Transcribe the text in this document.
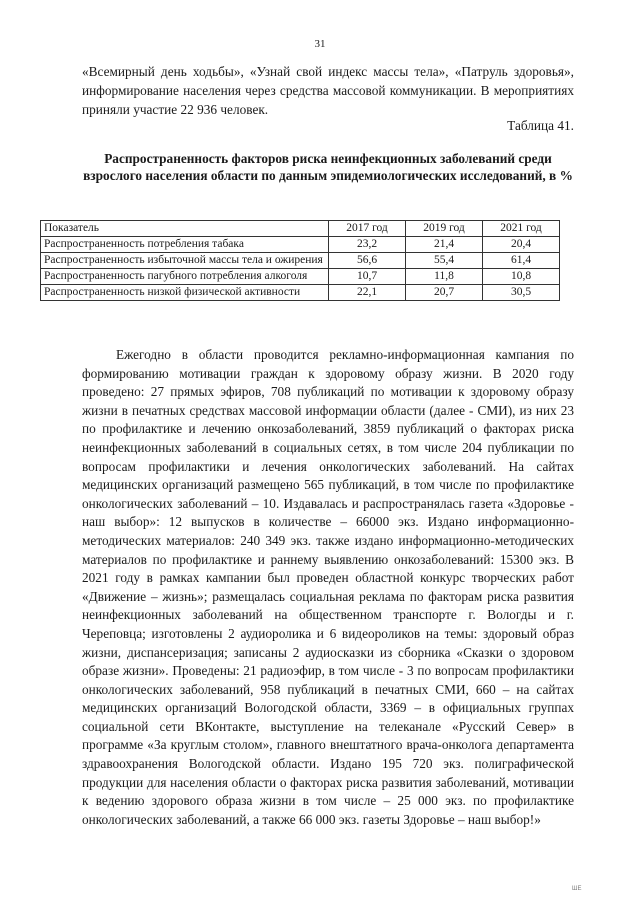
31

«Всемирный день ходьбы», «Узнай свой индекс массы тела», «Патруль здоровья», информирование населения через средства массовой коммуникации. В мероприятиях приняли участие 22 936 человек.

Таблица 41.

Распространенность факторов риска неинфекционных заболеваний среди взрослого населения области по данным эпидемиологических исследований, в %

Показатель	2017 год	2019 год	2021 год
Распространенность потребления табака	23,2	21,4	20,4
Распространенность избыточной массы тела и ожирения	56,6	55,4	61,4
Распространенность пагубного потребления алкоголя	10,7	11,8	10,8
Распространенность низкой физической активности	22,1	20,7	30,5

Ежегодно в области проводится рекламно-информационная кампания по формированию мотивации граждан к здоровому образу жизни. В 2020 году проведено: 27 прямых эфиров, 708 публикаций по мотивации к здоровому образу жизни в печатных средствах массовой информации области (далее - СМИ), из них 23 по профилактике и лечению онкозаболеваний, 3859 публикаций о факторах риска неинфекционных заболеваний в социальных сетях, в том числе 204 публикации по вопросам профилактики и лечения онкологических заболеваний. На сайтах медицинских организаций размещено 565 публикаций, в том числе по профилактике онкологических заболеваний – 10. Издавалась и распространялась газета «Здоровье - наш выбор»: 12 выпусков в количестве – 66000 экз. Издано информационно-методических материалов: 240 349 экз. также издано информационно-методических материалов по профилактике и раннему выявлению онкозаболеваний: 15300 экз. В 2021 году в рамках кампании был проведен областной конкурс творческих работ «Движение – жизнь»; размещалась социальная реклама по факторам риска развития неинфекционных заболеваний на общественном транспорте г. Вологды и г. Череповца; изготовлены 2 аудиоролика и 6 видеороликов на темы: здоровый образ жизни, диспансеризация; записаны 2 аудиосказки из сборника «Сказки о здоровом образе жизни». Проведены: 21 радиоэфир, в том числе - 3 по вопросам профилактики онкологических заболеваний, 958 публикаций в печатных СМИ, 660 – на сайтах медицинских организаций Вологодской области, 3369 – в официальных группах социальной сети ВКонтакте, выступление на телеканале «Русский Север» в программе «За круглым столом», главного внештатного врача-онколога департамента здравоохранения Вологодской области. Издано 195 720 экз. полиграфической продукции для населения области о факторах риска развития заболеваний, мотивации к ведению здорового образа жизни в том числе – 25 000 экз. по профилактике онкологических заболеваний, а также 66 000 экз. газеты Здоровье – наш выбор!»

ШЕ
